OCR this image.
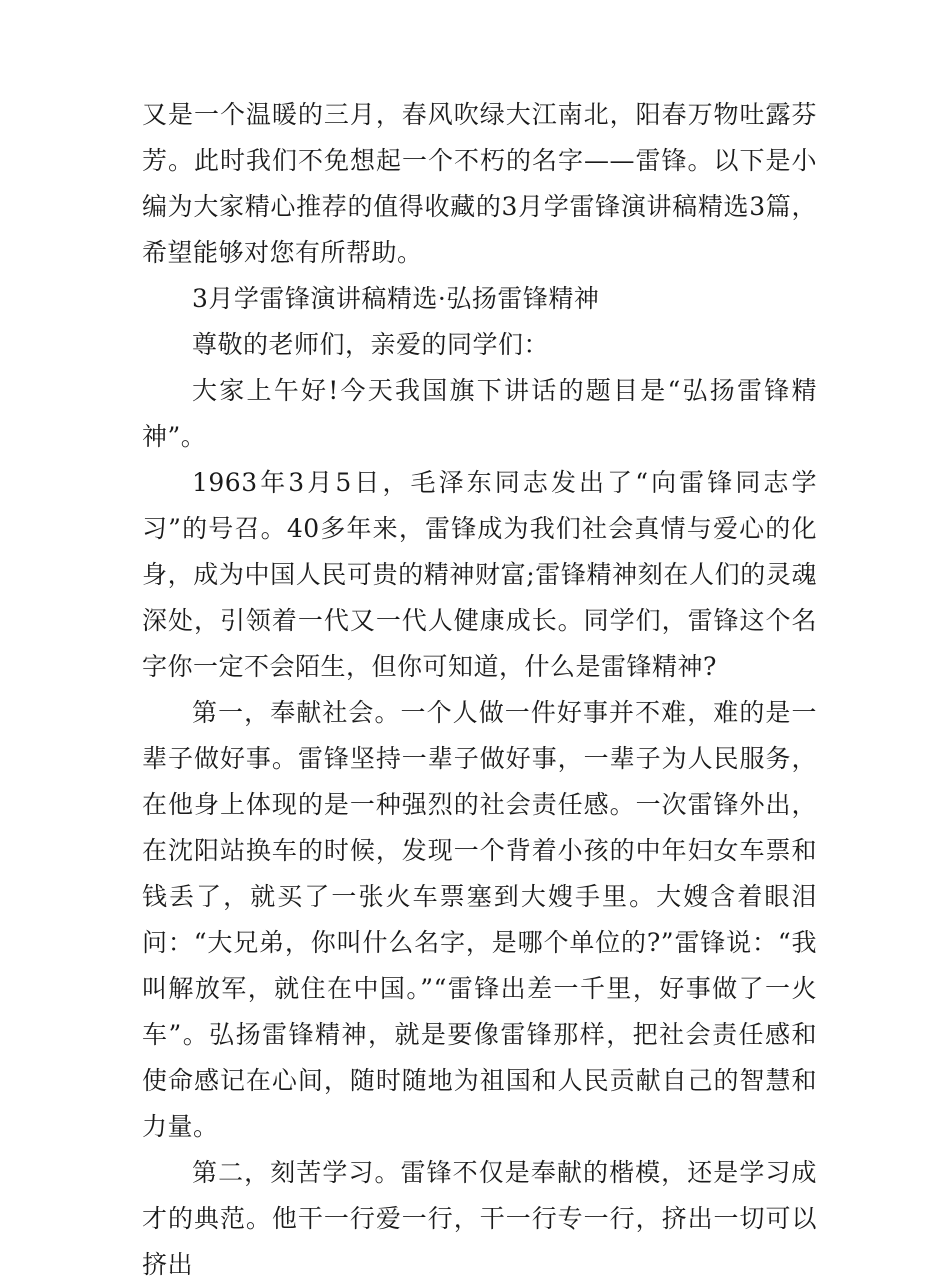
又是一个温暖的三月，春风吹绿大江南北，阳春万物吐露芬芳。此时我们不免想起一个不朽的名字——雷锋。以下是小编为大家精心推荐的值得收藏的3月学雷锋演讲稿精选3篇，希望能够对您有所帮助。

3月学雷锋演讲稿精选·弘扬雷锋精神

尊敬的老师们，亲爱的同学们：

大家上午好!今天我国旗下讲话的题目是“弘扬雷锋精神”。

1963年3月5日，毛泽东同志发出了“向雷锋同志学习”的号召。40多年来，雷锋成为我们社会真情与爱心的化身，成为中国人民可贵的精神财富;雷锋精神刻在人们的灵魂深处，引领着一代又一代人健康成长。同学们，雷锋这个名字你一定不会陌生，但你可知道，什么是雷锋精神?

第一，奉献社会。一个人做一件好事并不难，难的是一辈子做好事。雷锋坚持一辈子做好事，一辈子为人民服务，在他身上体现的是一种强烈的社会责任感。一次雷锋外出，在沈阳站换车的时候，发现一个背着小孩的中年妇女车票和钱丢了，就买了一张火车票塞到大嫂手里。大嫂含着眼泪问：“大兄弟，你叫什么名字，是哪个单位的?”雷锋说：“我叫解放军，就住在中国。”“雷锋出差一千里，好事做了一火车”。弘扬雷锋精神，就是要像雷锋那样，把社会责任感和使命感记在心间，随时随地为祖国和人民贡献自己的智慧和力量。

第二，刻苦学习。雷锋不仅是奉献的楷模，还是学习成才的典范。他干一行爱一行，干一行专一行，挤出一切可以挤出
